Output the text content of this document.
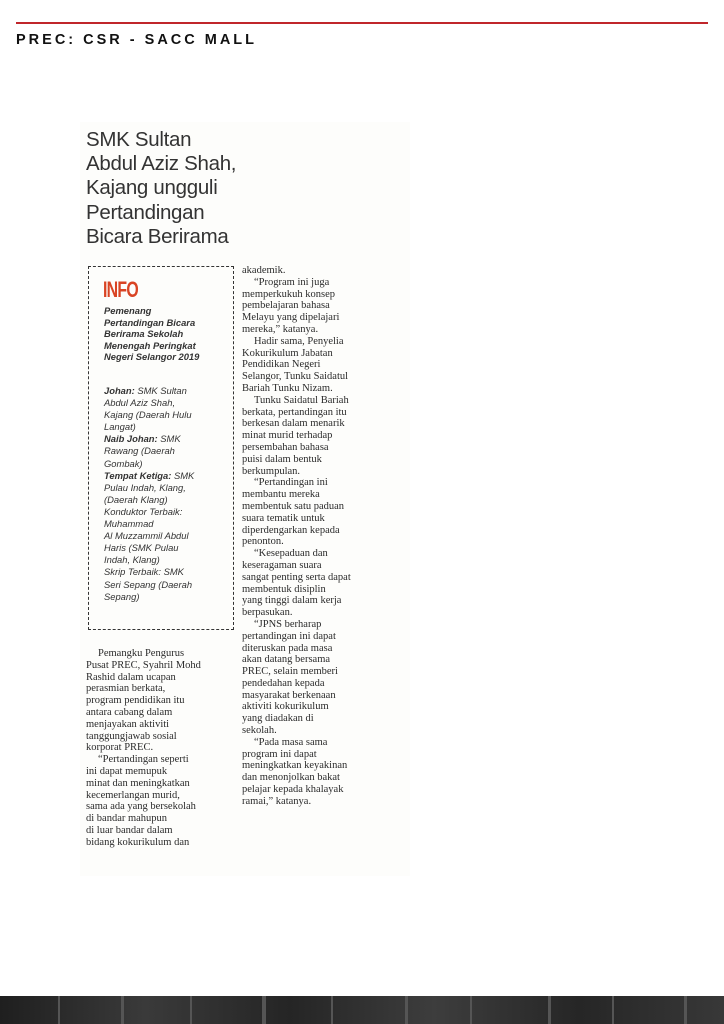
PREC: CSR - SACC MALL
SMK Sultan
Abdul Aziz Shah,
Kajang ungguli
Pertandingan
Bicara Berirama
INFO
Pemenang
Pertandingan Bicara
Berirama Sekolah
Menengah Peringkat
Negeri Selangor 2019
Johan: SMK Sultan
Abdul Aziz Shah,
Kajang (Daerah Hulu
Langat)
Naib Johan: SMK
Rawang (Daerah
Gombak)
Tempat Ketiga: SMK
Pulau Indah, Klang,
(Daerah Klang)
Konduktor Terbaik:
Muhammad
Al Muzzammil Abdul
Haris (SMK Pulau
Indah, Klang)
Skrip Terbaik: SMK
Seri Sepang (Daerah
Sepang)
Pemangku Pengurus
Pusat PREC, Syahril Mohd
Rashid dalam ucapan
perasmian berkata,
program pendidikan itu
antara cabang dalam
menjayakan aktiviti
tanggungjawab sosial
korporat PREC.
“Pertandingan seperti
ini dapat memupuk
minat dan meningkatkan
kecemerlangan murid,
sama ada yang bersekolah
di bandar mahupun
di luar bandar dalam
bidang kokurikulum dan
akademik.
“Program ini juga
memperkukuh konsep
pembelajaran bahasa
Melayu yang dipelajari
mereka,” katanya.
Hadir sama, Penyelia
Kokurikulum Jabatan
Pendidikan Negeri
Selangor, Tunku Saidatul
Bariah Tunku Nizam.
Tunku Saidatul Bariah
berkata, pertandingan itu
berkesan dalam menarik
minat murid terhadap
persembahan bahasa
puisi dalam bentuk
berkumpulan.
“Pertandingan ini
membantu mereka
membentuk satu paduan
suara tematik untuk
diperdengarkan kepada
penonton.
“Kesepaduan dan
keseragaman suara
sangat penting serta dapat
membentuk disiplin
yang tinggi dalam kerja
berpasukan.
“JPNS berharap
pertandingan ini dapat
diteruskan pada masa
akan datang bersama
PREC, selain memberi
pendedahan kepada
masyarakat berkenaan
aktiviti kokurikulum
yang diadakan di
sekolah.
“Pada masa sama
program ini dapat
meningkatkan keyakinan
dan menonjolkan bakat
pelajar kepada khalayak
ramai,” katanya.
